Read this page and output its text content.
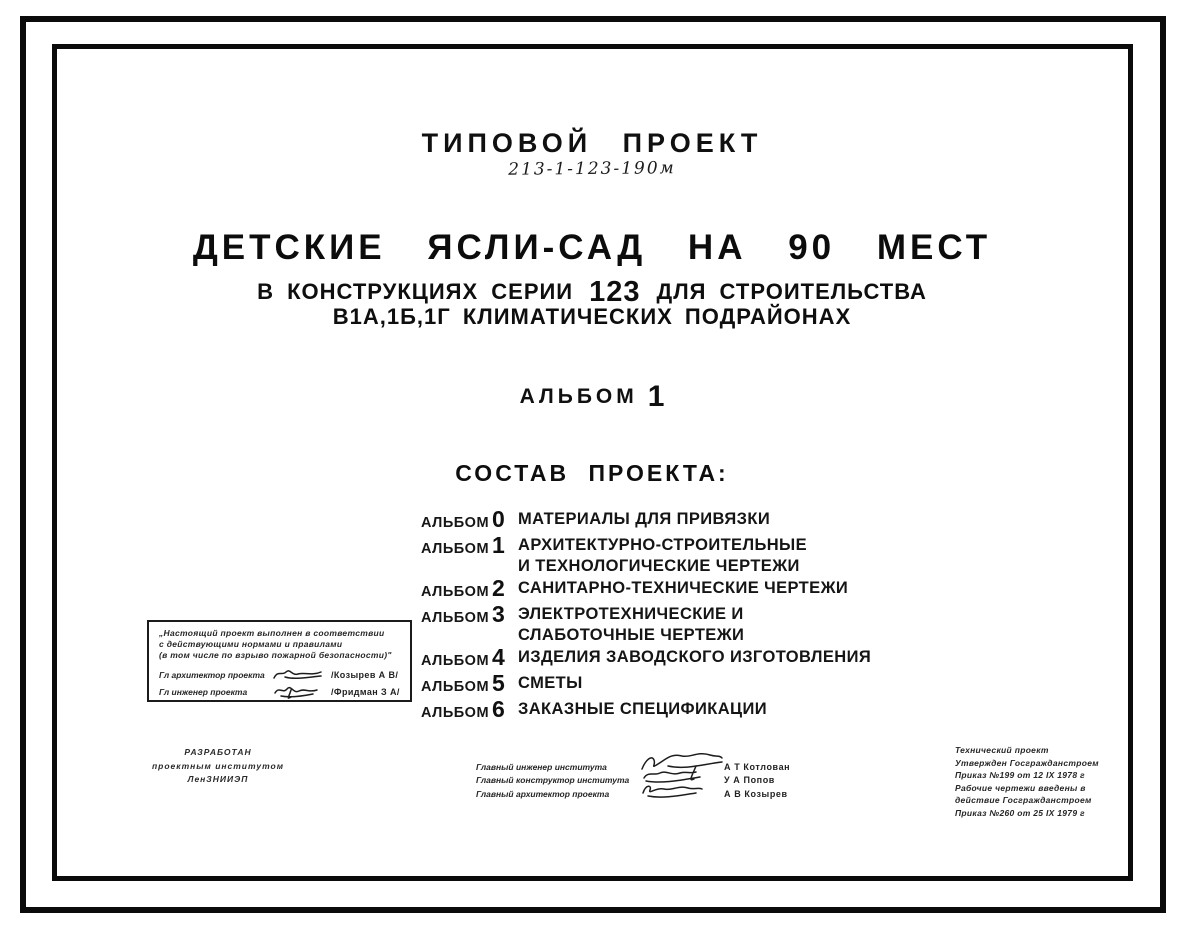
ТИПОВОЙ ПРОЕКТ
213-1-123-190м
ДЕТСКИЕ ЯСЛИ-САД НА 90 МЕСТ
В КОНСТРУКЦИЯХ СЕРИИ 123 ДЛЯ СТРОИТЕЛЬСТВА
В1А,1Б,1Г КЛИМАТИЧЕСКИХ ПОДРАЙОНАХ
АЛЬБОМ 1
СОСТАВ ПРОЕКТА:
АЛЬБОМ 0 МАТЕРИАЛЫ ДЛЯ ПРИВЯЗКИ
АЛЬБОМ 1 АРХИТЕКТУРНО-СТРОИТЕЛЬНЫЕ
И ТЕХНОЛОГИЧЕСКИЕ ЧЕРТЕЖИ
АЛЬБОМ 2 САНИТАРНО-ТЕХНИЧЕСКИЕ ЧЕРТЕЖИ
АЛЬБОМ 3 ЭЛЕКТРОТЕХНИЧЕСКИЕ И
СЛАБОТОЧНЫЕ ЧЕРТЕЖИ
АЛЬБОМ 4 ИЗДЕЛИЯ ЗАВОДСКОГО ИЗГОТОВЛЕНИЯ
АЛЬБОМ 5 СМЕТЫ
АЛЬБОМ 6 ЗАКАЗНЫЕ СПЕЦИФИКАЦИИ
„Настоящий проект выполнен в соответствии
с действующими нормами и правилами
(в том числе по взрыво пожарной безопасности)"
Гл архитектор проекта	/Козырев А В/
Гл инженер проекта	/Фридман З А/
РАЗРАБОТАН
проектным институтом
ЛенЗНИИЭП
Главный инженер института	А Т Котлован
Главный конструктор института	У А Попов
Главный архитектор проекта	А В Козырев
Технический проект
Утвержден Госгражданстроем
Приказ №199 от 12 IX 1978 г
Рабочие чертежи введены в
действие Госгражданстроем
Приказ №260 от 25 IX 1979 г
